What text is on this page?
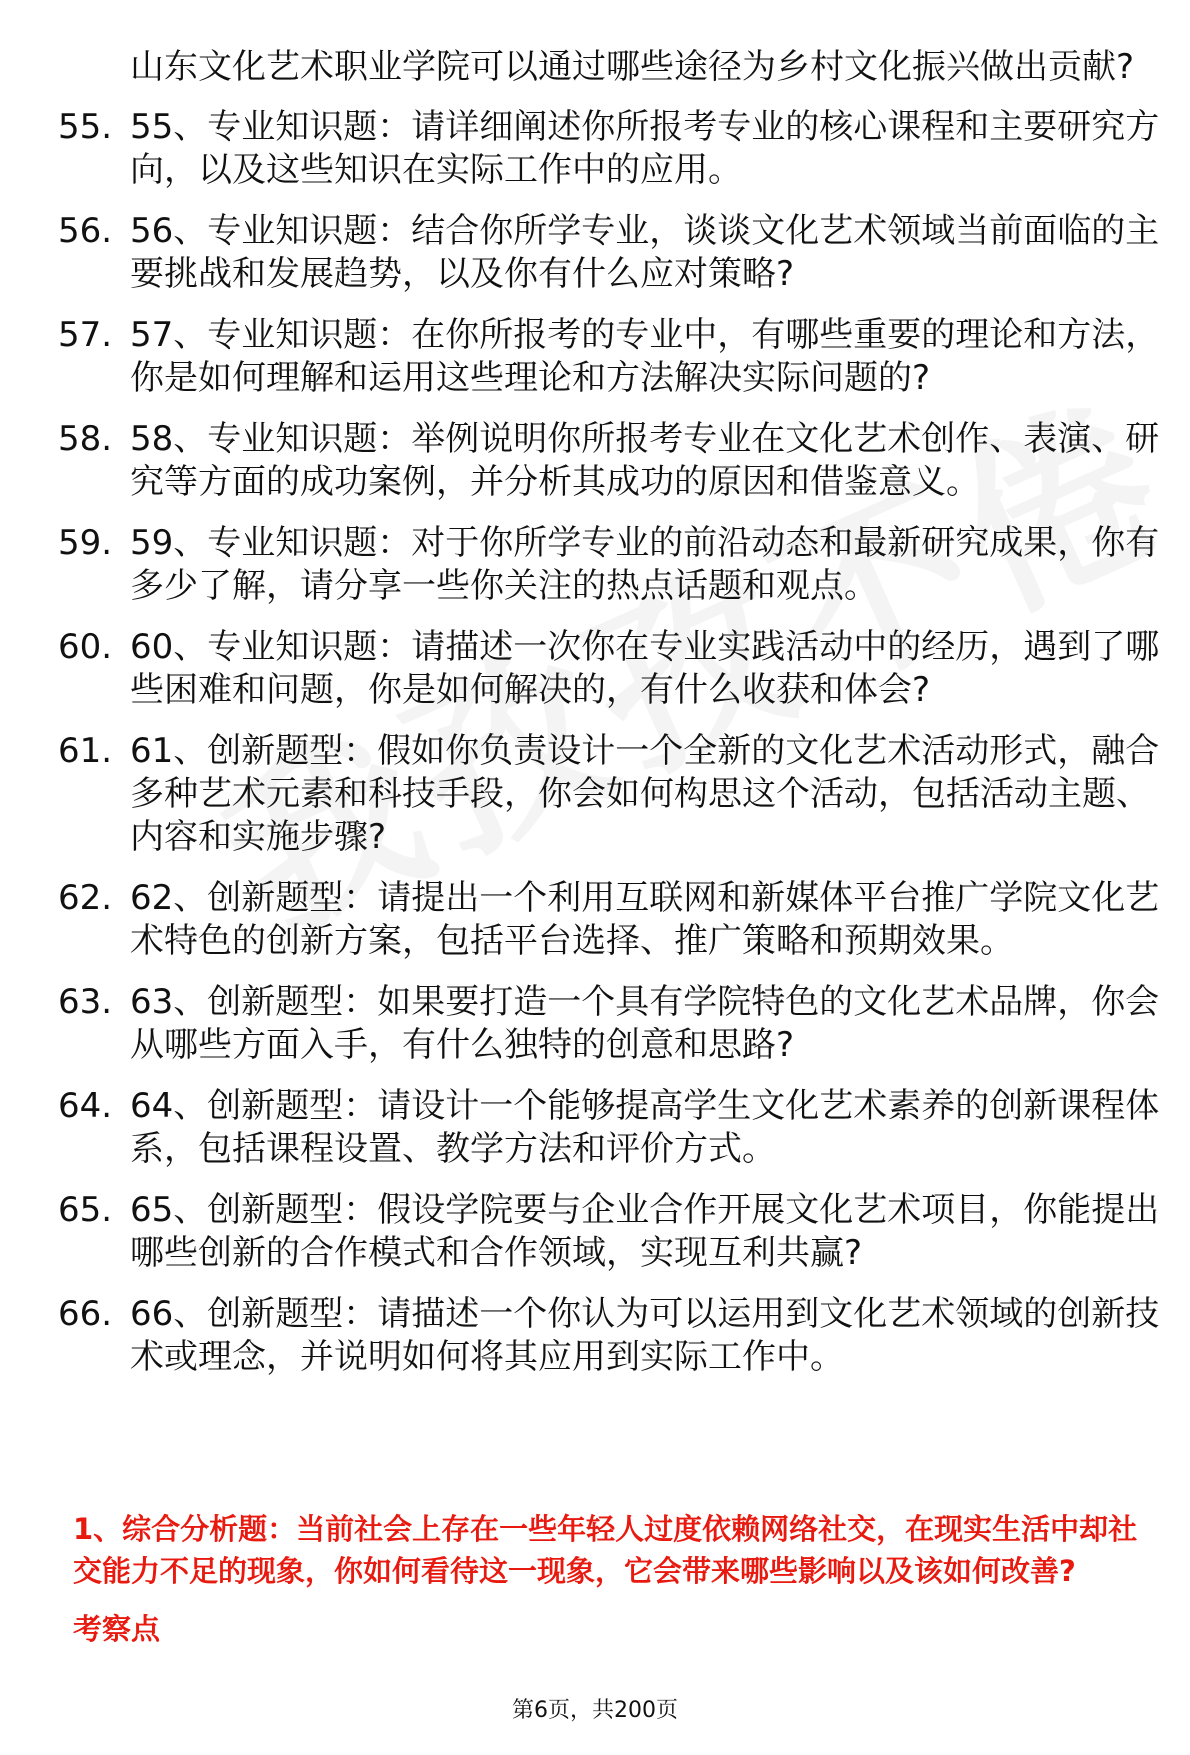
山东文化艺术职业学院可以通过哪些途径为乡村文化振兴做出贡献?
55. 55、专业知识题：请详细阐述你所报考专业的核心课程和主要研究方向，以及这些知识在实际工作中的应用。
56. 56、专业知识题：结合你所学专业，谈谈文化艺术领域当前面临的主要挑战和发展趋势，以及你有什么应对策略?
57. 57、专业知识题：在你所报考的专业中，有哪些重要的理论和方法，你是如何理解和运用这些理论和方法解决实际问题的?
58. 58、专业知识题：举例说明你所报考专业在文化艺术创作、表演、研究等方面的成功案例，并分析其成功的原因和借鉴意义。
59. 59、专业知识题：对于你所学专业的前沿动态和最新研究成果，你有多少了解，请分享一些你关注的热点话题和观点。
60. 60、专业知识题：请描述一次你在专业实践活动中的经历，遇到了哪些困难和问题，你是如何解决的，有什么收获和体会?
61. 61、创新题型：假如你负责设计一个全新的文化艺术活动形式，融合多种艺术元素和科技手段，你会如何构思这个活动，包括活动主题、内容和实施步骤?
62. 62、创新题型：请提出一个利用互联网和新媒体平台推广学院文化艺术特色的创新方案，包括平台选择、推广策略和预期效果。
63. 63、创新题型：如果要打造一个具有学院特色的文化艺术品牌，你会从哪些方面入手，有什么独特的创意和思路?
64. 64、创新题型：请设计一个能够提高学生文化艺术素养的创新课程体系，包括课程设置、教学方法和评价方式。
65. 65、创新题型：假设学院要与企业合作开展文化艺术项目，你能提出哪些创新的合作模式和合作领域，实现互利共赢?
66. 66、创新题型：请描述一个你认为可以运用到文化艺术领域的创新技术或理念，并说明如何将其应用到实际工作中。
1、综合分析题：当前社会上存在一些年轻人过度依赖网络社交，在现实生活中却社交能力不足的现象，你如何看待这一现象，它会带来哪些影响以及该如何改善?
考察点
第6页，共200页
